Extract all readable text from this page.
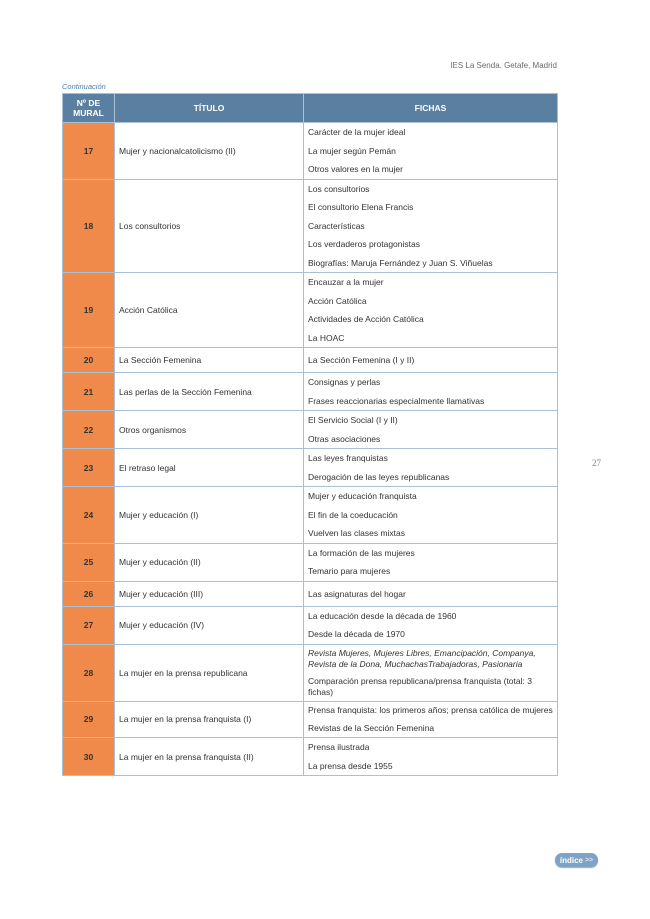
IES La Senda. Getafe, Madrid
Continuación
Nº DE MURAL	TÍTULO	FICHAS
17	Mujer y nacionalcatolicismo (II)	Carácter de la mujer ideal
La mujer según Pemán
Otros valores en la mujer

18	Los consultorios	Los consultorios
El consultorio Elena Francis
Características
Los verdaderos protagonistas
Biografías: Maruja Fernández y Juan S. Viñuelas

19	Acción Católica	Encauzar a la mujer
Acción Católica
Actividades de Acción Católica
La HOAC

20	La Sección Femenina	La Sección Femenina (I y II)

21	Las perlas de la Sección Femenina	Consignas y perlas
Frases reaccionarias especialmente llamativas

22	Otros organismos	El Servicio Social (I y II)
Otras asociaciones

23	El retraso legal	Las leyes franquistas
Derogación de las leyes republicanas

24	Mujer y educación (I)	Mujer y educación franquista
El fin de la coeducación
Vuelven las clases mixtas

25	Mujer y educación (II)	La formación de las mujeres
Temario para mujeres

26	Mujer y educación (III)	Las asignaturas del hogar

27	Mujer y educación (IV)	La educación desde la década de 1960
Desde la década de 1970

28	La mujer en la prensa republicana	Revista Mujeres, Mujeres Libres, Emancipación, Companya, Revista de la Dona, MuchachasTrabajadoras, Pasionaria
Comparación prensa republicana/prensa franquista (total: 3 fichas)

29	La mujer en la prensa franquista (I)	Prensa franquista: los primeros años; prensa católica de mujeres
Revistas de la Sección Femenina

30	La mujer en la prensa franquista (II)	Prensa ilustrada
La prensa desde 1955
27
índice >>
